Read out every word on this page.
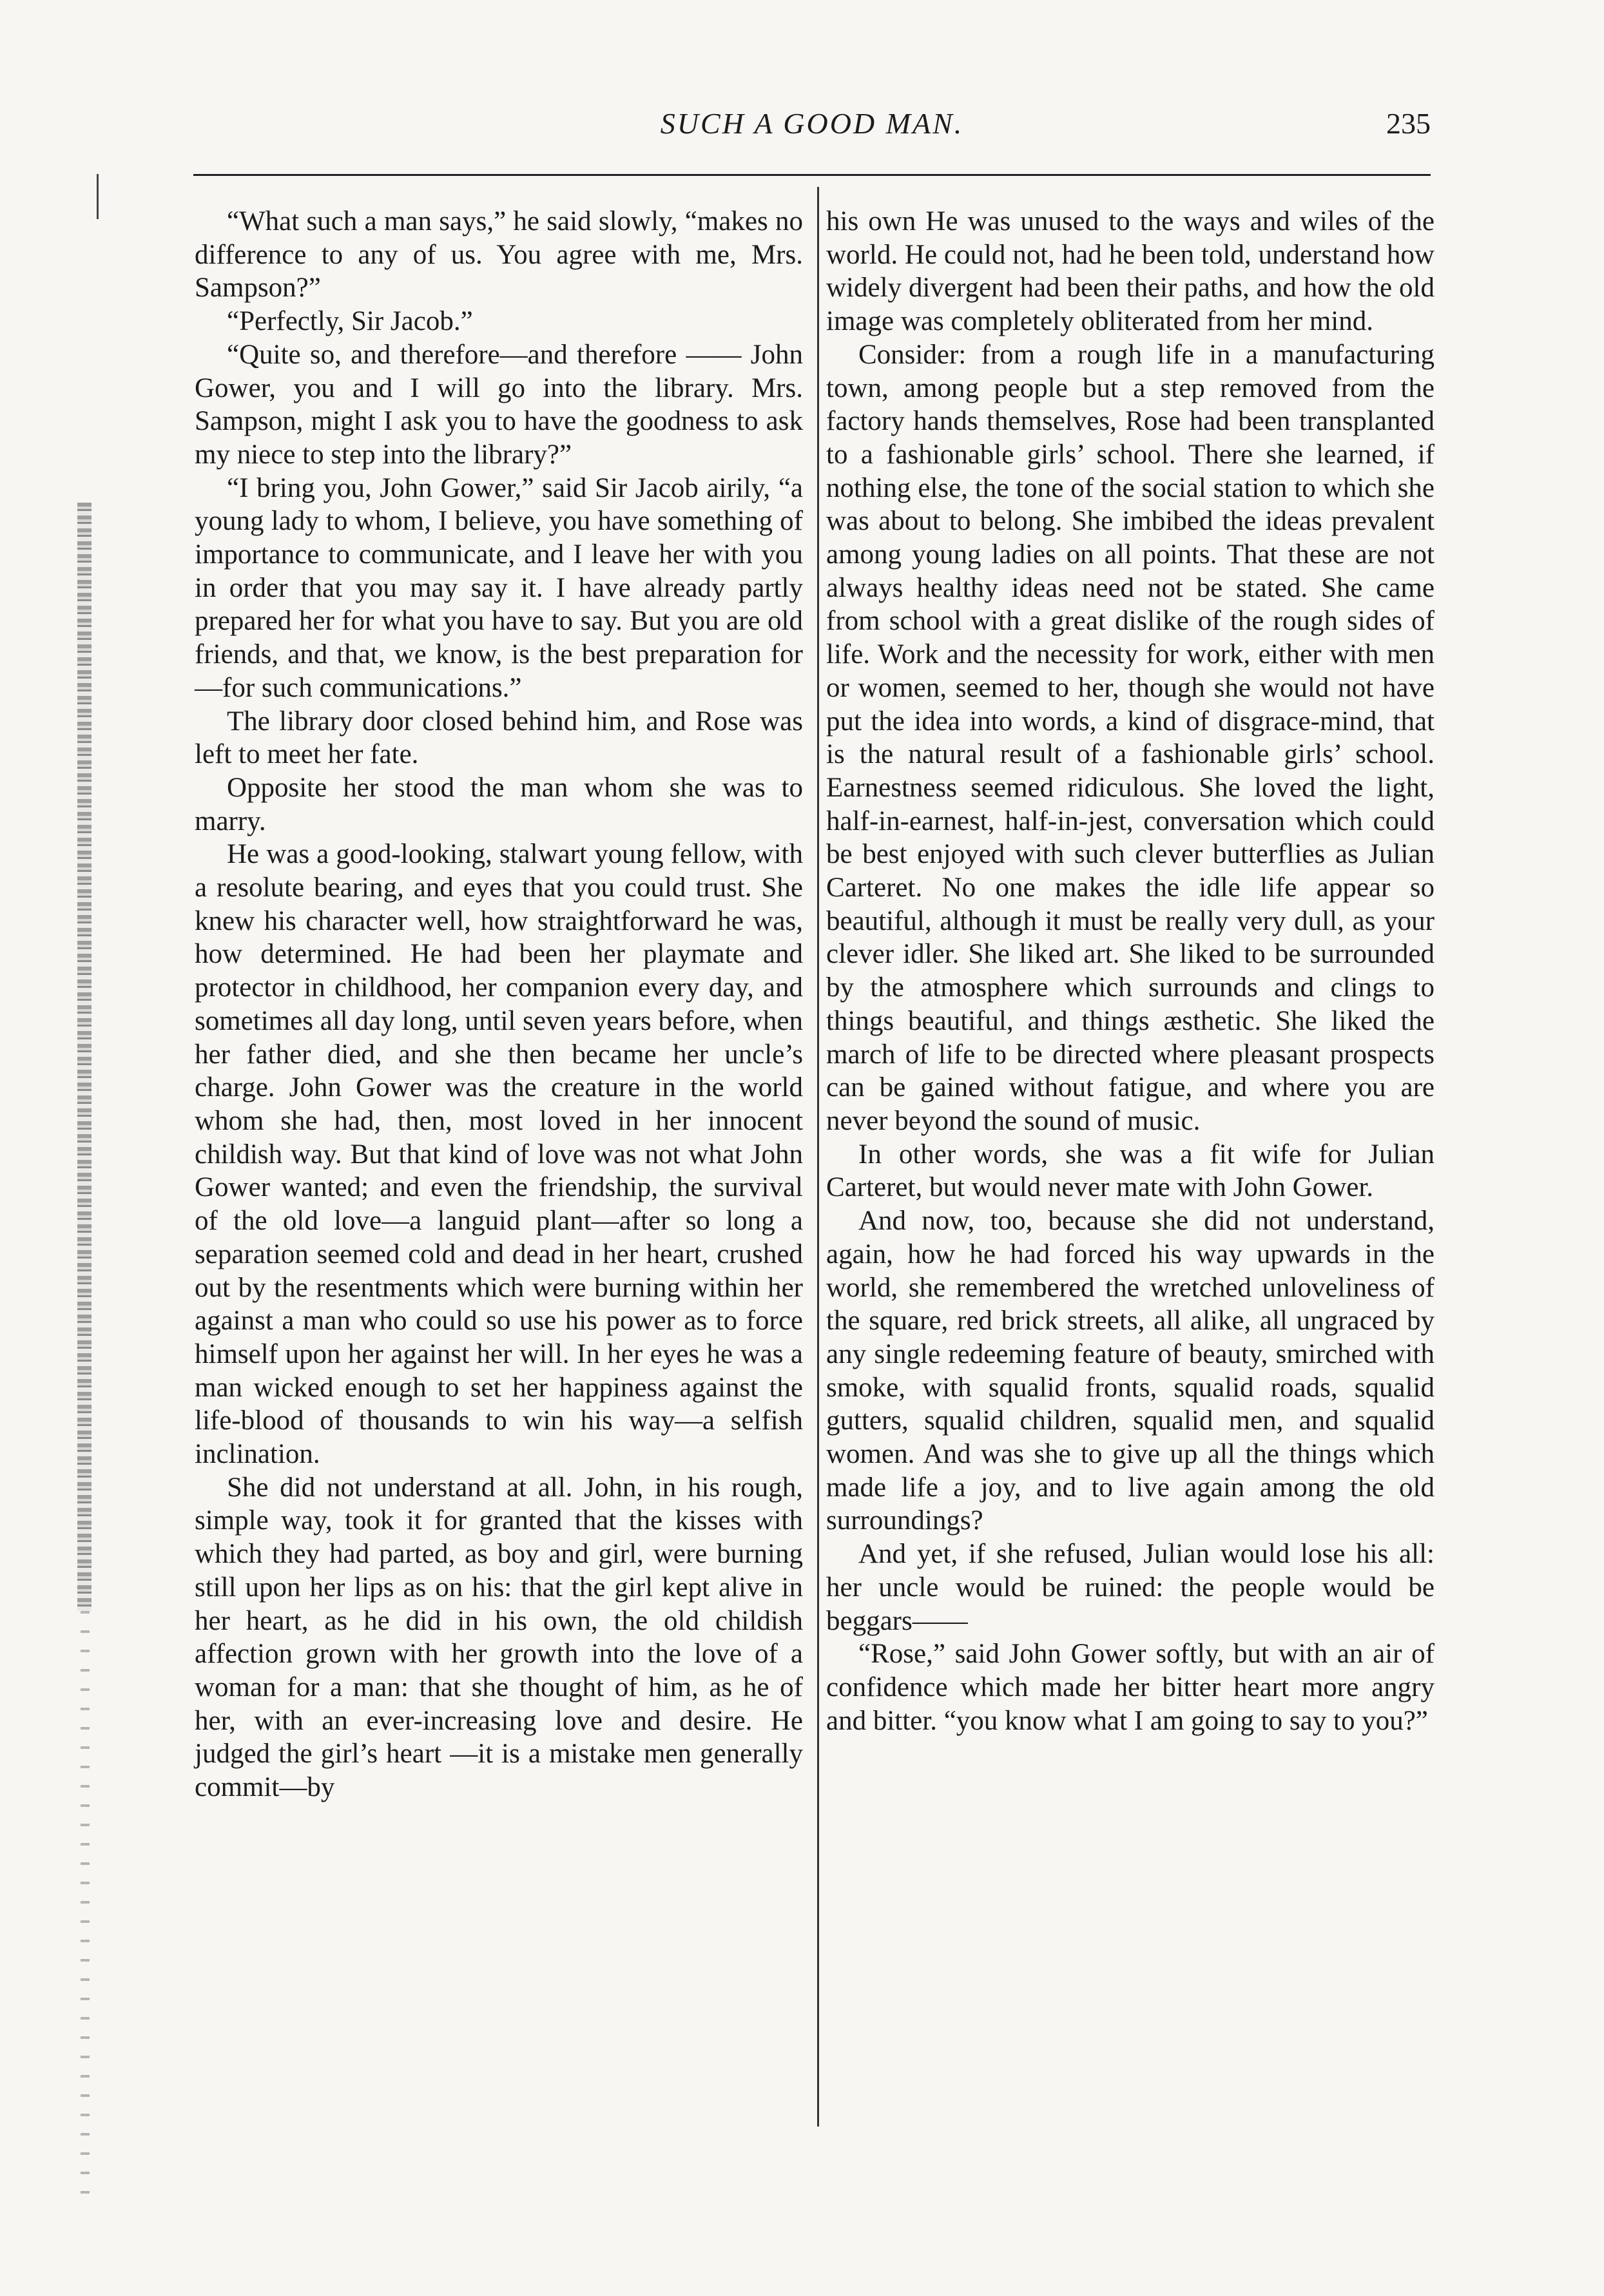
SUCH A GOOD MAN.	235

“What such a man says,” he said slowly, “makes no difference to any of us. You agree with me, Mrs. Sampson?”

“Perfectly, Sir Jacob.”

“Quite so, and therefore—and therefore —— John Gower, you and I will go into the library. Mrs. Sampson, might I ask you to have the goodness to ask my niece to step into the library?”

“I bring you, John Gower,” said Sir Jacob airily, “a young lady to whom, I believe, you have something of importance to communicate, and I leave her with you in order that you may say it. I have already partly prepared her for what you have to say. But you are old friends, and that, we know, is the best preparation for—for such communications.”

The library door closed behind him, and Rose was left to meet her fate.

Opposite her stood the man whom she was to marry.

He was a good-looking, stalwart young fellow, with a resolute bearing, and eyes that you could trust. She knew his character well, how straightforward he was, how determined. He had been her playmate and protector in childhood, her companion every day, and sometimes all day long, until seven years before, when her father died, and she then became her uncle’s charge. John Gower was the creature in the world whom she had, then, most loved in her innocent childish way. But that kind of love was not what John Gower wanted; and even the friendship, the survival of the old love—a languid plant—after so long a separation seemed cold and dead in her heart, crushed out by the resentments which were burning within her against a man who could so use his power as to force himself upon her against her will. In her eyes he was a man wicked enough to set her happiness against the life-blood of thousands to win his way—a selfish inclination.

She did not understand at all. John, in his rough, simple way, took it for granted that the kisses with which they had parted, as boy and girl, were burning still upon her lips as on his: that the girl kept alive in her heart, as he did in his own, the old childish affection grown with her growth into the love of a woman for a man: that she thought of him, as he of her, with an ever-increasing love and desire. He judged the girl’s heart —it is a mistake men generally commit—by

his own He was unused to the ways and wiles of the world. He could not, had he been told, understand how widely divergent had been their paths, and how the old image was completely obliterated from her mind.

Consider: from a rough life in a manufacturing town, among people but a step removed from the factory hands themselves, Rose had been transplanted to a fashionable girls’ school. There she learned, if nothing else, the tone of the social station to which she was about to belong. She imbibed the ideas prevalent among young ladies on all points. That these are not always healthy ideas need not be stated. She came from school with a great dislike of the rough sides of life. Work and the necessity for work, either with men or women, seemed to her, though she would not have put the idea into words, a kind of disgrace-mind, that is the natural result of a fashionable girls’ school. Earnestness seemed ridiculous. She loved the light, half-in-earnest, half-in-jest, conversation which could be best enjoyed with such clever butterflies as Julian Carteret. No one makes the idle life appear so beautiful, although it must be really very dull, as your clever idler. She liked art. She liked to be surrounded by the atmosphere which surrounds and clings to things beautiful, and things æsthetic. She liked the march of life to be directed where pleasant prospects can be gained without fatigue, and where you are never beyond the sound of music.

In other words, she was a fit wife for Julian Carteret, but would never mate with John Gower.

And now, too, because she did not understand, again, how he had forced his way upwards in the world, she remembered the wretched unloveliness of the square, red brick streets, all alike, all ungraced by any single redeeming feature of beauty, smirched with smoke, with squalid fronts, squalid roads, squalid gutters, squalid children, squalid men, and squalid women. And was she to give up all the things which made life a joy, and to live again among the old surroundings?

And yet, if she refused, Julian would lose his all: her uncle would be ruined: the people would be beggars——

“Rose,” said John Gower softly, but with an air of confidence which made her bitter heart more angry and bitter. “you know what I am going to say to you?”
